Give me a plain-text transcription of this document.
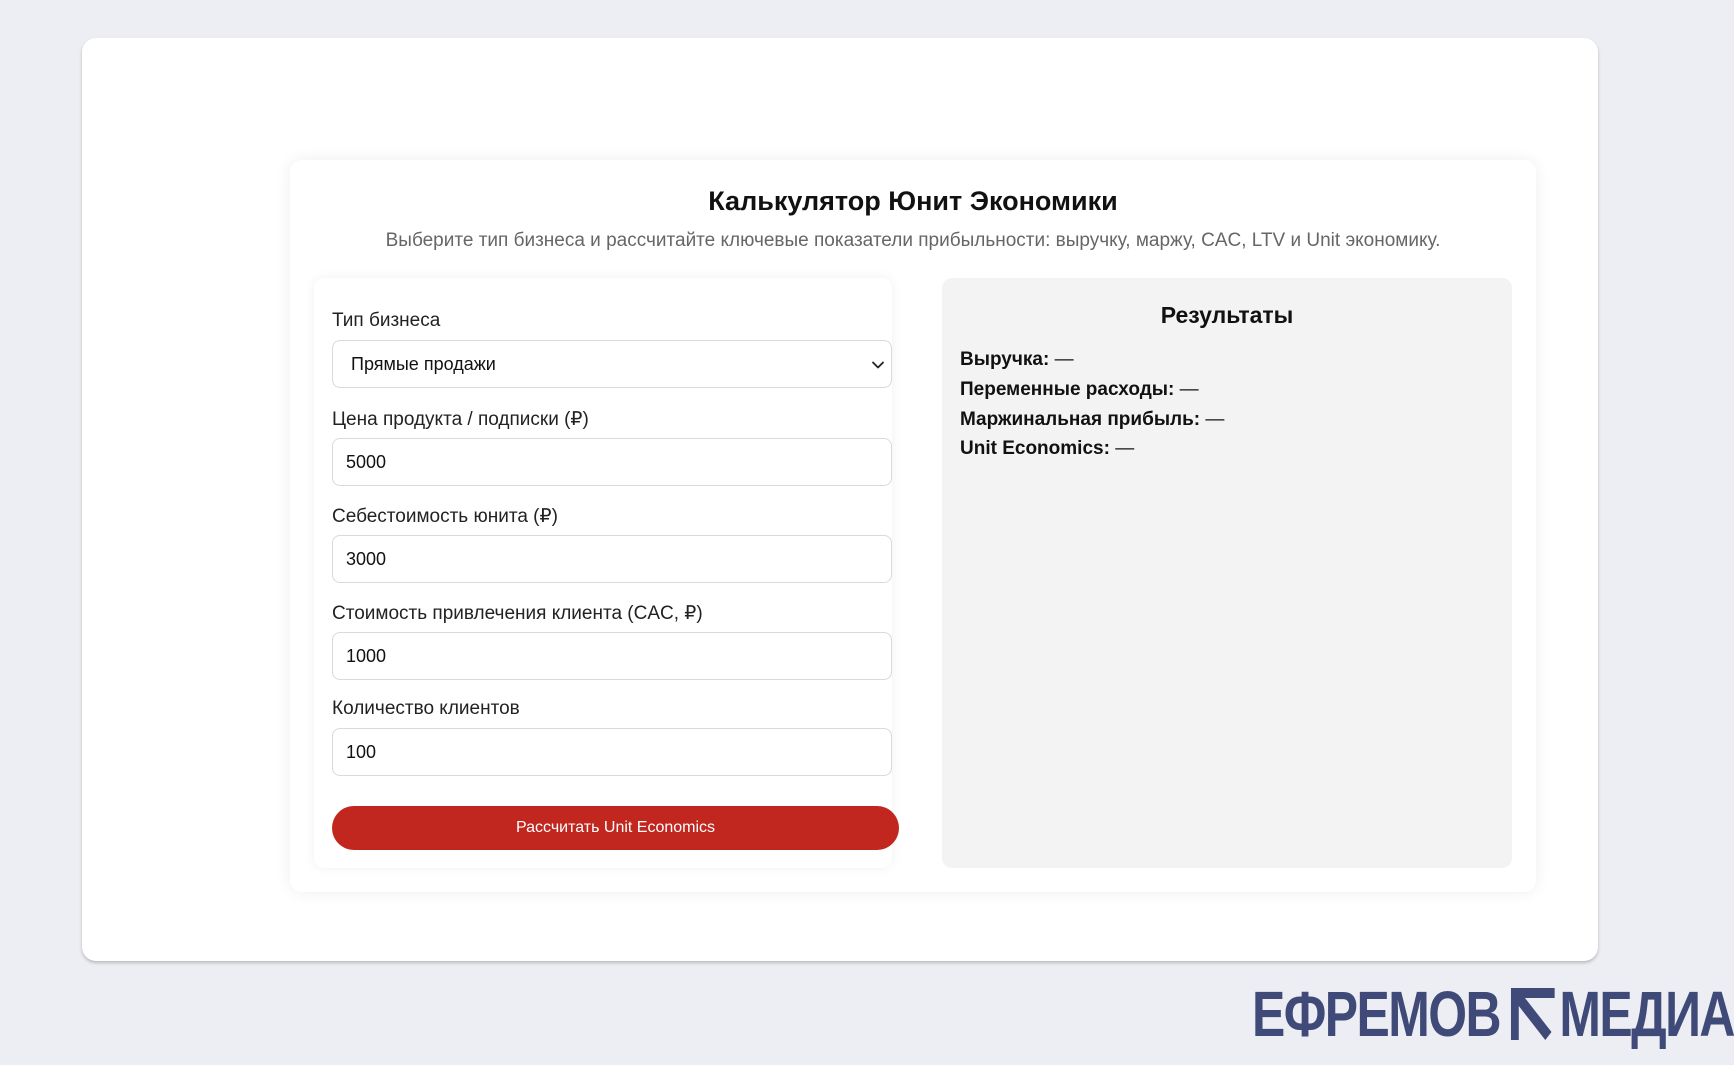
Калькулятор Юнит Экономики
Выберите тип бизнеса и рассчитайте ключевые показатели прибыльности: выручку, маржу, CAC, LTV и Unit экономику.
Тип бизнеса
Прямые продажи
Цена продукта / подписки (₽)
5000
Себестоимость юнита (₽)
3000
Стоимость привлечения клиента (CAC, ₽)
1000
Количество клиентов
100
Рассчитать Unit Economics
Результаты
Выручка: —
Переменные расходы: —
Маржинальная прибыль: —
Unit Economics: —
ЕФРЕМОВ МЕДИА
